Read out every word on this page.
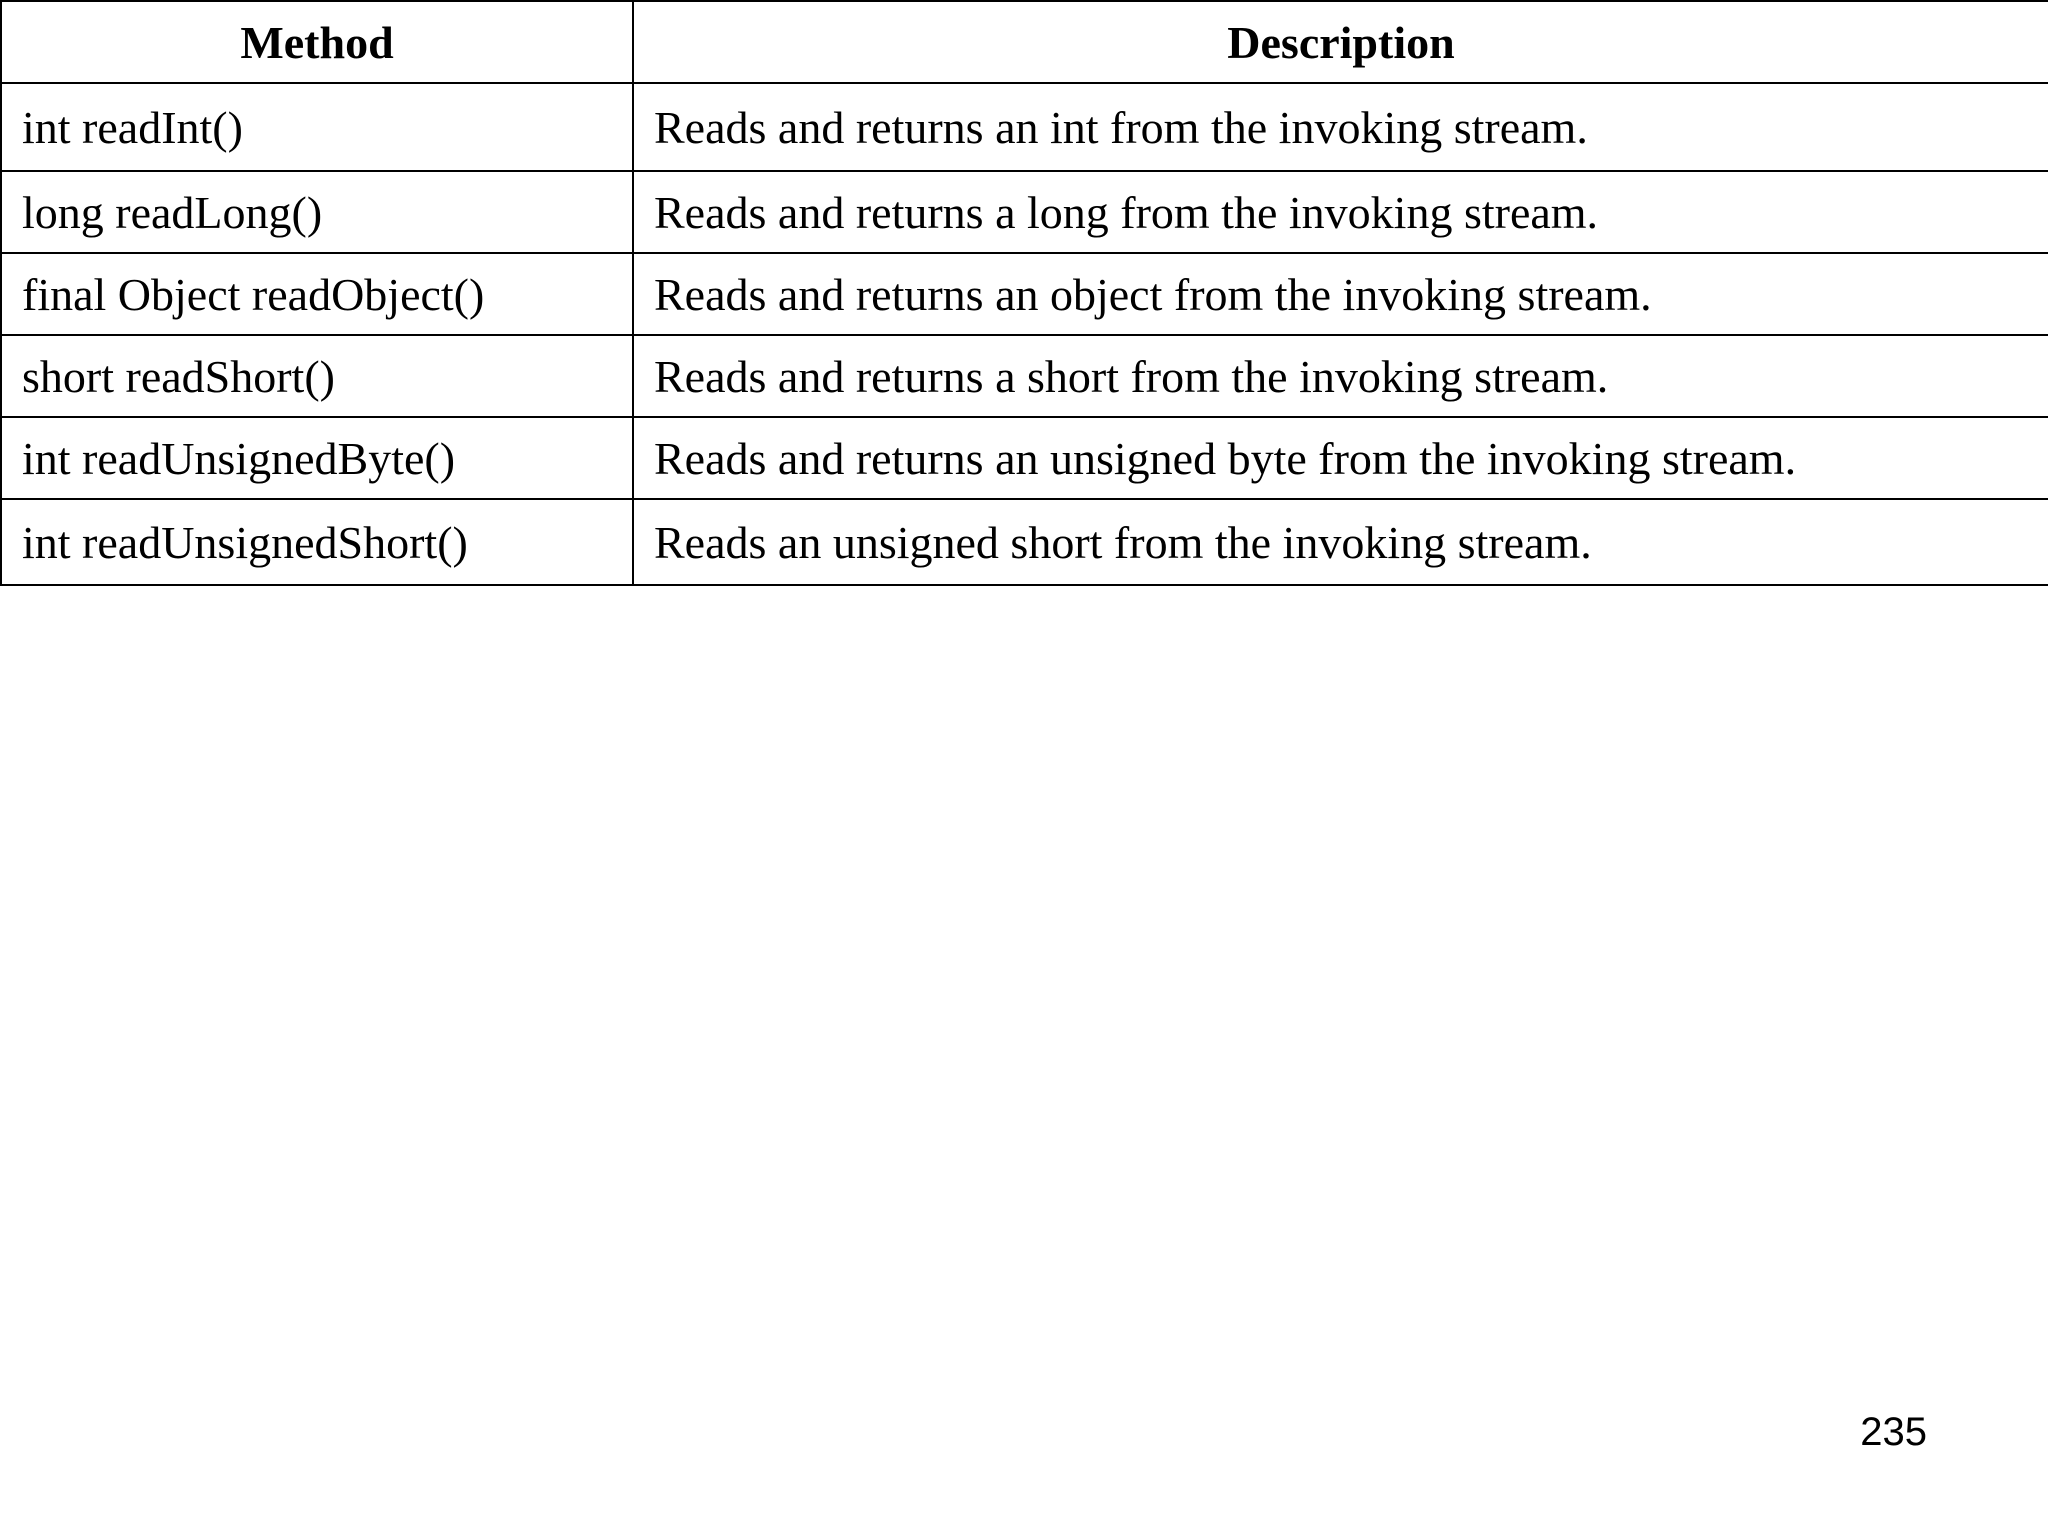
Method	Description
int readInt()	Reads and returns an int from the invoking stream.
long readLong()	Reads and returns a long from the invoking stream.
final Object readObject()	Reads and returns an object from the invoking stream.
short readShort()	Reads and returns a short from the invoking stream.
int readUnsignedByte()	Reads and returns an unsigned byte from the invoking stream.
int readUnsignedShort()	Reads an unsigned short from the invoking stream.
235
